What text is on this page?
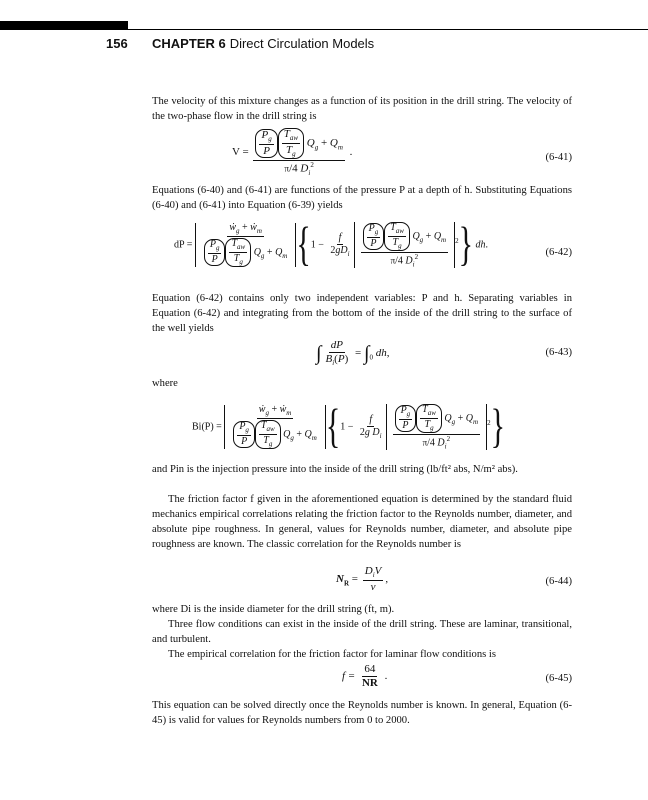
156 CHAPTER 6 Direct Circulation Models

The velocity of this mixture changes as a function of its position in the drill string. The velocity of the two-phase flow in the drill string is

$V = \frac{\frac{P_g}{P} \frac{T_{aw}}{T_g} Q_g + Q_m}{\pi/4 D_i^2}$ .	(6-41)

Equations (6-40) and (6-41) are functions of the pressure P at a depth of h. Substituting Equations (6-40) and (6-41) into Equation (6-39) yields

dP = $\frac{ẇ_g + ẇ_m}{\frac{P_g}{P} \frac{T_{aw}}{T_g} Q_g + Q_m} \{1 - \frac{f}{2gD_i} \frac{\frac{P_g}{P} \frac{T_{aw}}{T_g} Q_g + Q_m}{\pi/4 D_i^2} ^2\}$ dh.
(6-42)

Equation (6-42) contains only two independent variables: P and h. Separating variables in Equation (6-42) and integrating from the bottom of the inside of the drill string to the surface of the well yields

∫ $\frac{dP}{B_i(P)} = \int_0$ dh,	(6-43)

where

$Bi(P) = \frac{ẇ_g + ẇ_m}{\frac{P_g}{P} \frac{T_{aw}}{T_g} Q_g + Q_m} \{1 - \frac{f}{2g D_i} \frac{\frac{P_g}{P} \frac{T_{aw}}{T_g} Q_g + Q_m}{\pi/4 D_i^2} ^2\}$

and Pin is the injection pressure into the inside of the drill string (lb/ft² abs, N/m² abs).

The friction factor f given in the aforementioned equation is determined by the standard fluid mechanics empirical correlations relating the friction factor to the Reynolds number, diameter, and absolute pipe roughness. In general, values for Reynolds number, diameter, and absolute pipe roughness are known. The classic correlation for the Reynolds number is

$N_R = \frac{D_iV}{\nu}$ ,	(6-44)

where Di is the inside diameter for the drill string (ft, m).

Three flow conditions can exist in the inside of the drill string. These are laminar, transitional, and turbulent.

The empirical correlation for the friction factor for laminar flow conditions is

$f = \frac{64}{NR}$ .	(6-45)

This equation can be solved directly once the Reynolds number is known. In general, Equation (6-45) is valid for values for Reynolds numbers from 0 to 2000.
